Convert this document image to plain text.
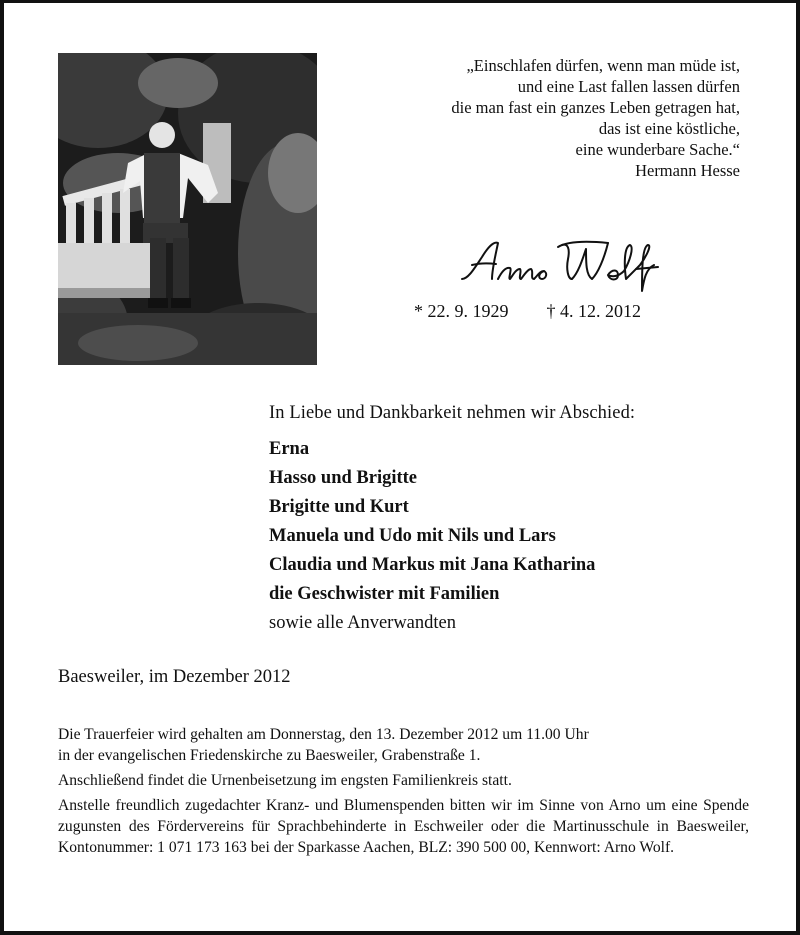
„Einschlafen dürfen, wenn man müde ist,
und eine Last fallen lassen dürfen
die man fast ein ganzes Leben getragen hat,
das ist eine köstliche,
eine wunderbare Sache.“
Hermann Hesse
* 22. 9. 1929 † 4. 12. 2012
In Liebe und Dankbarkeit nehmen wir Abschied:
Erna
Hasso und Brigitte
Brigitte und Kurt
Manuela und Udo mit Nils und Lars
Claudia und Markus mit Jana Katharina
die Geschwister mit Familien
sowie alle Anverwandten
Baesweiler, im Dezember 2012

Die Trauerfeier wird gehalten am Donnerstag, den 13. Dezember 2012 um 11.00 Uhr
in der evangelischen Friedenskirche zu Baesweiler, Grabenstraße 1.

Anschließend findet die Urnenbeisetzung im engsten Familienkreis statt.

Anstelle freundlich zugedachter Kranz- und Blumenspenden bitten wir im Sinne von Arno um eine Spende zugunsten des Fördervereins für Sprachbehinderte in Eschweiler oder die Martinusschule in Baesweiler, Kontonummer: 1 071 173 163 bei der Sparkasse Aachen, BLZ: 390 500 00, Kennwort: Arno Wolf.
